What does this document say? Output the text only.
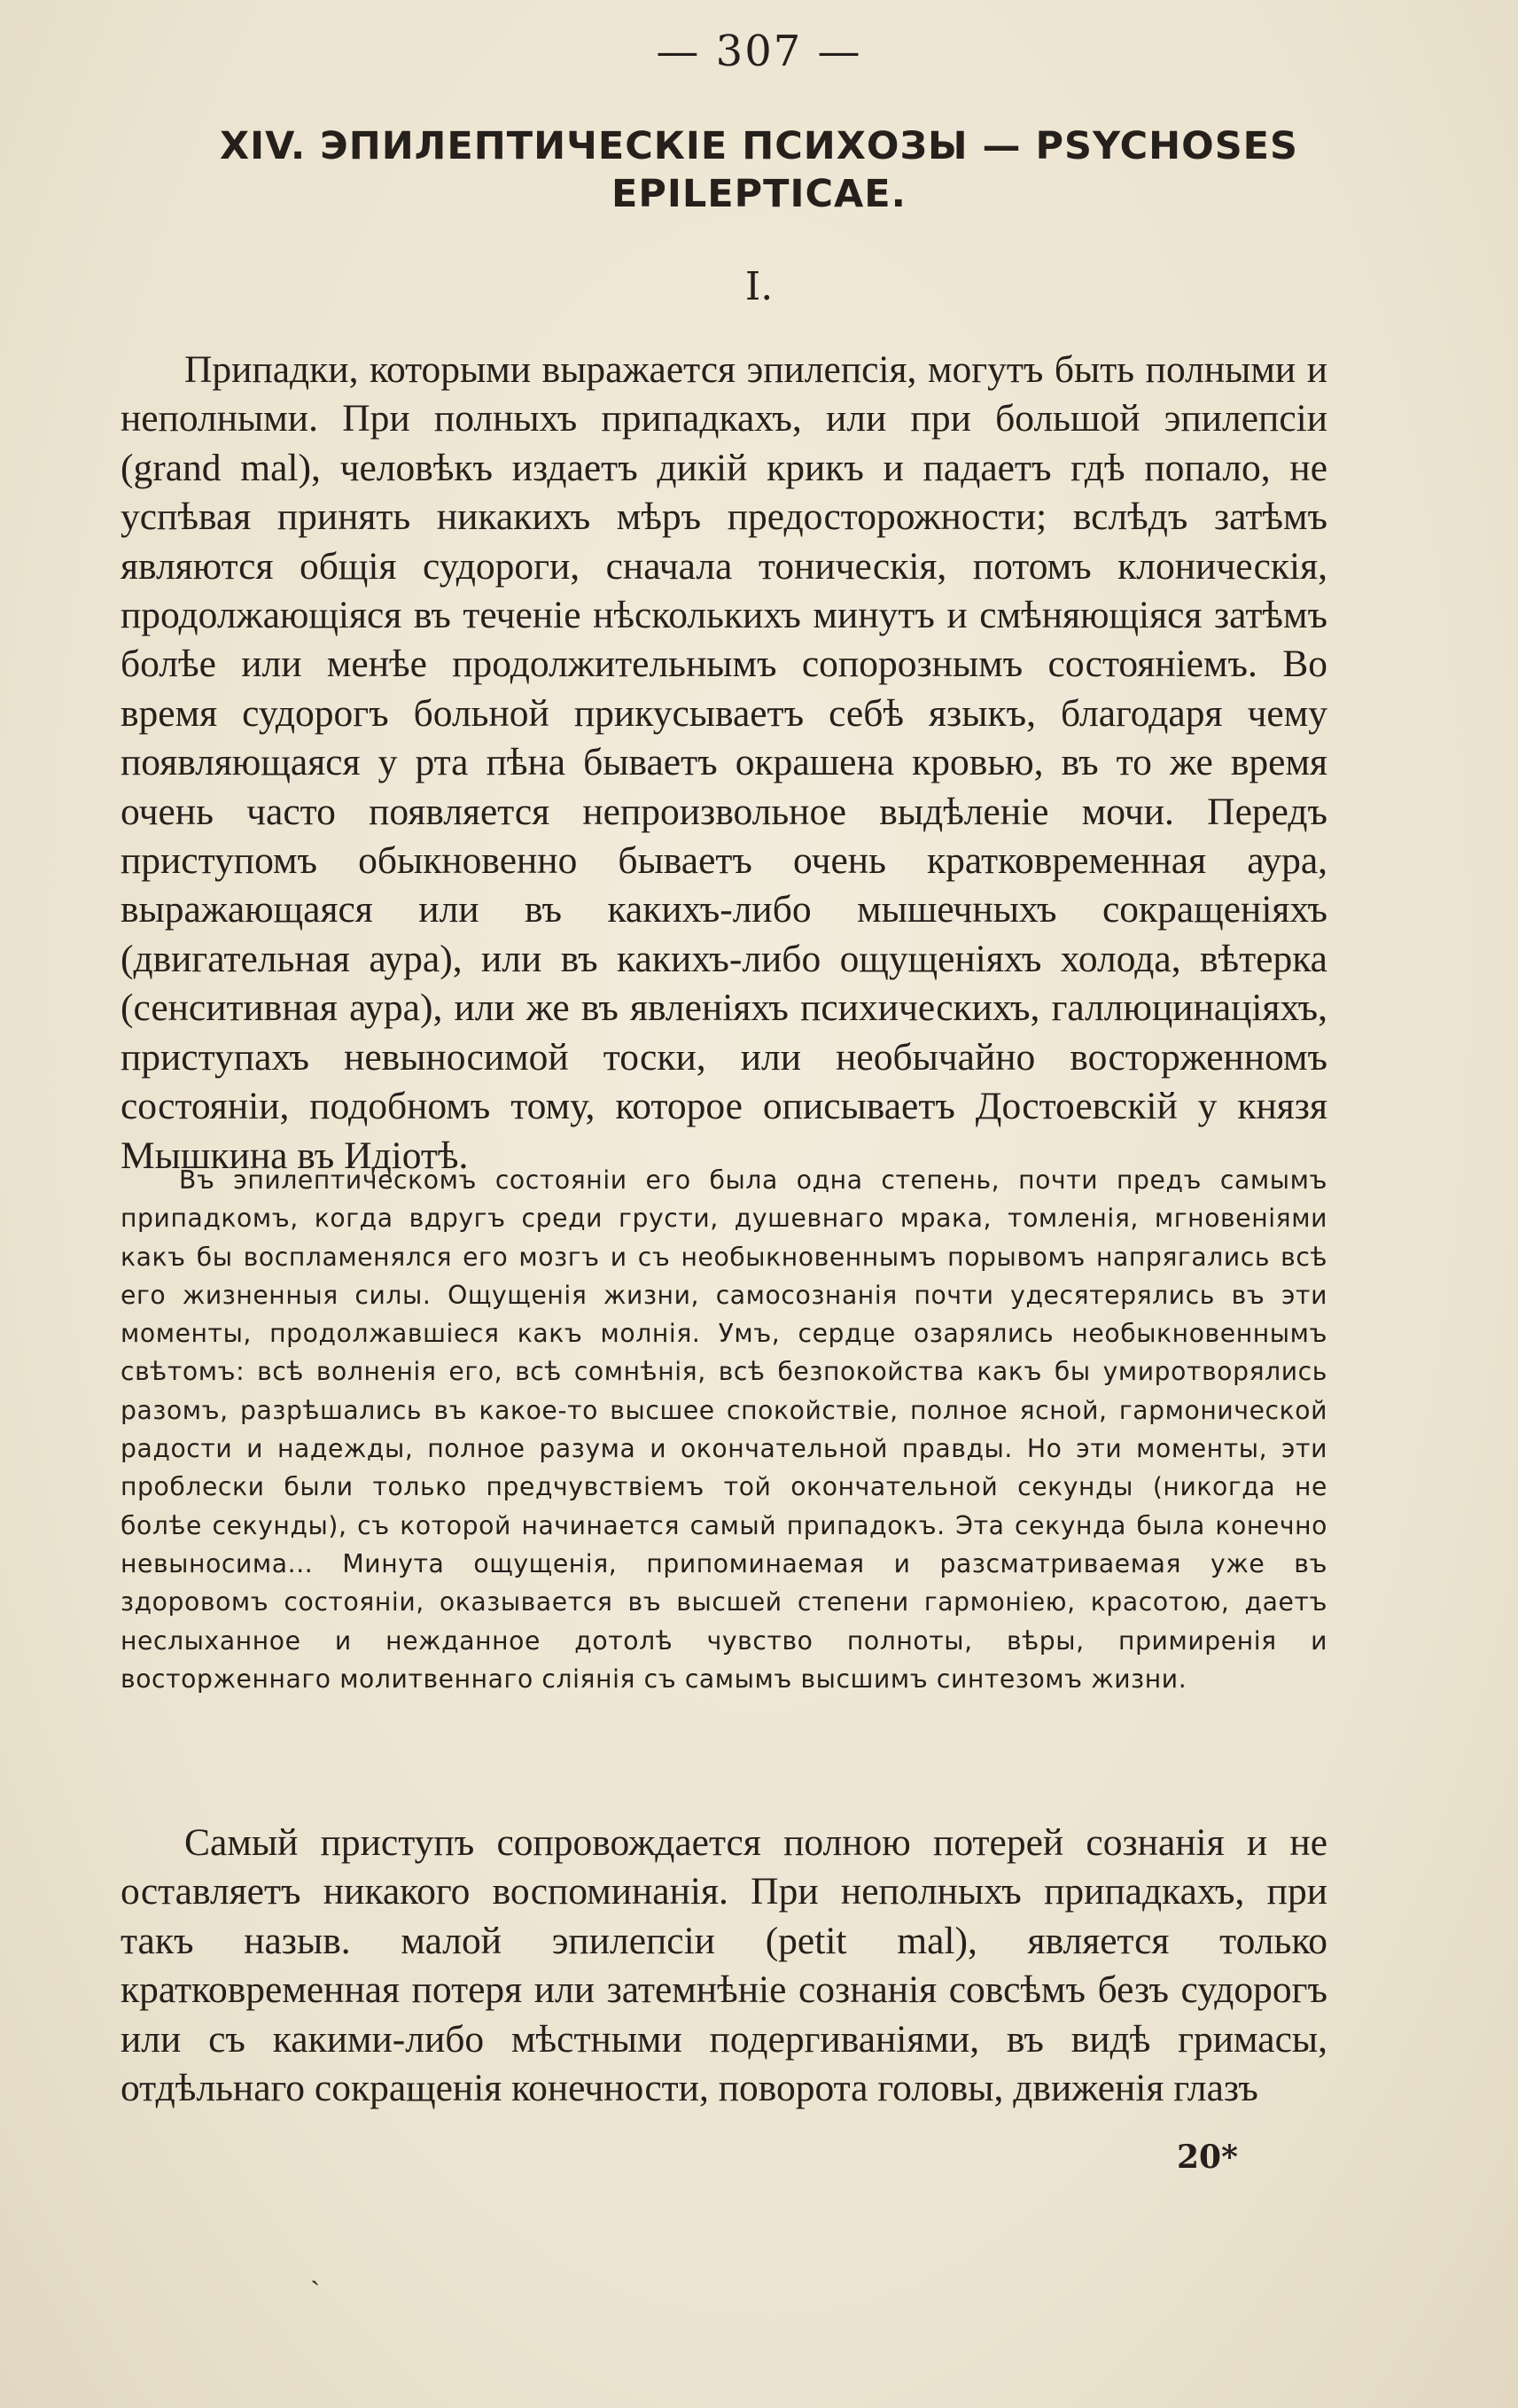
— 307 —
XIV. ЭПИЛЕПТИЧЕСКІЕ ПСИХОЗЫ — PSYCHOSES
EPILEPTICAE.
I.

Припадки, которыми выражается эпилепсія, могутъ быть полными и неполными. При полныхъ припадкахъ, или при большой эпилепсіи (grand mal), человѣкъ издаетъ дикій крикъ и падаетъ гдѣ попало, не успѣвая принять никакихъ мѣръ предосторожности; вслѣдъ затѣмъ являются общія судороги, сначала тоническія, потомъ клоническія, продолжающіяся въ теченіе нѣсколькихъ минутъ и смѣняющіяся затѣмъ болѣе или менѣе продолжительнымъ сопорознымъ состояніемъ. Во время судорогъ больной прикусываетъ себѣ языкъ, благодаря чему появляющаяся у рта пѣна бываетъ окрашена кровью, въ то же время очень часто появляется непроизвольное выдѣленіе мочи. Передъ приступомъ обыкновенно бываетъ очень кратковременная аура, выражающаяся или въ какихъ-либо мышечныхъ сокращеніяхъ (двигательная аура), или въ какихъ-либо ощущеніяхъ холода, вѣтерка (сенситивная аура), или же въ явленіяхъ психическихъ, галлюцинаціяхъ, приступахъ невыносимой тоски, или необычайно восторженномъ состояніи, подобномъ тому, которое описываетъ Достоевскій у князя Мышкина въ Идіотѣ.

Въ эпилептическомъ состояніи его была одна степень, почти предъ самымъ припадкомъ, когда вдругъ среди грусти, душевнаго мрака, томленія, мгновеніями какъ бы воспламенялся его мозгъ и съ необыкновеннымъ порывомъ напрягались всѣ его жизненныя силы. Ощущенія жизни, самосознанія почти удесятерялись въ эти моменты, продолжавшіеся какъ молнія. Умъ, сердце озарялись необыкновеннымъ свѣтомъ: всѣ волненія его, всѣ сомнѣнія, всѣ безпокойства какъ бы умиротворялись разомъ, разрѣшались въ какое-то высшее спокойствіе, полное ясной, гармонической радости и надежды, полное разума и окончательной правды. Но эти моменты, эти проблески были только предчувствіемъ той окончательной секунды (никогда не болѣе секунды), съ которой начинается самый припадокъ. Эта секунда была конечно невыносима... Минута ощущенія, припоминаемая и разсматриваемая уже въ здоровомъ состояніи, оказывается въ высшей степени гармоніею, красотою, даетъ неслыханное и нежданное дотолѣ чувство полноты, вѣры, примиренія и восторженнаго молитвеннаго слiянія съ самымъ высшимъ синтезомъ жизни.

Самый приступъ сопровождается полною потерей сознанія и не оставляетъ никакого воспоминанія. При неполныхъ припадкахъ, при такъ назыв. малой эпилепсіи (petit mal), является только кратковременная потеря или затемнѣніе сознанія совсѣмъ безъ судорогъ или съ какими-либо мѣстными подергиваніями, въ видѣ гримасы, отдѣльнаго сокращенія конечности, поворота головы, движенія глазъ

20*
ˏ
